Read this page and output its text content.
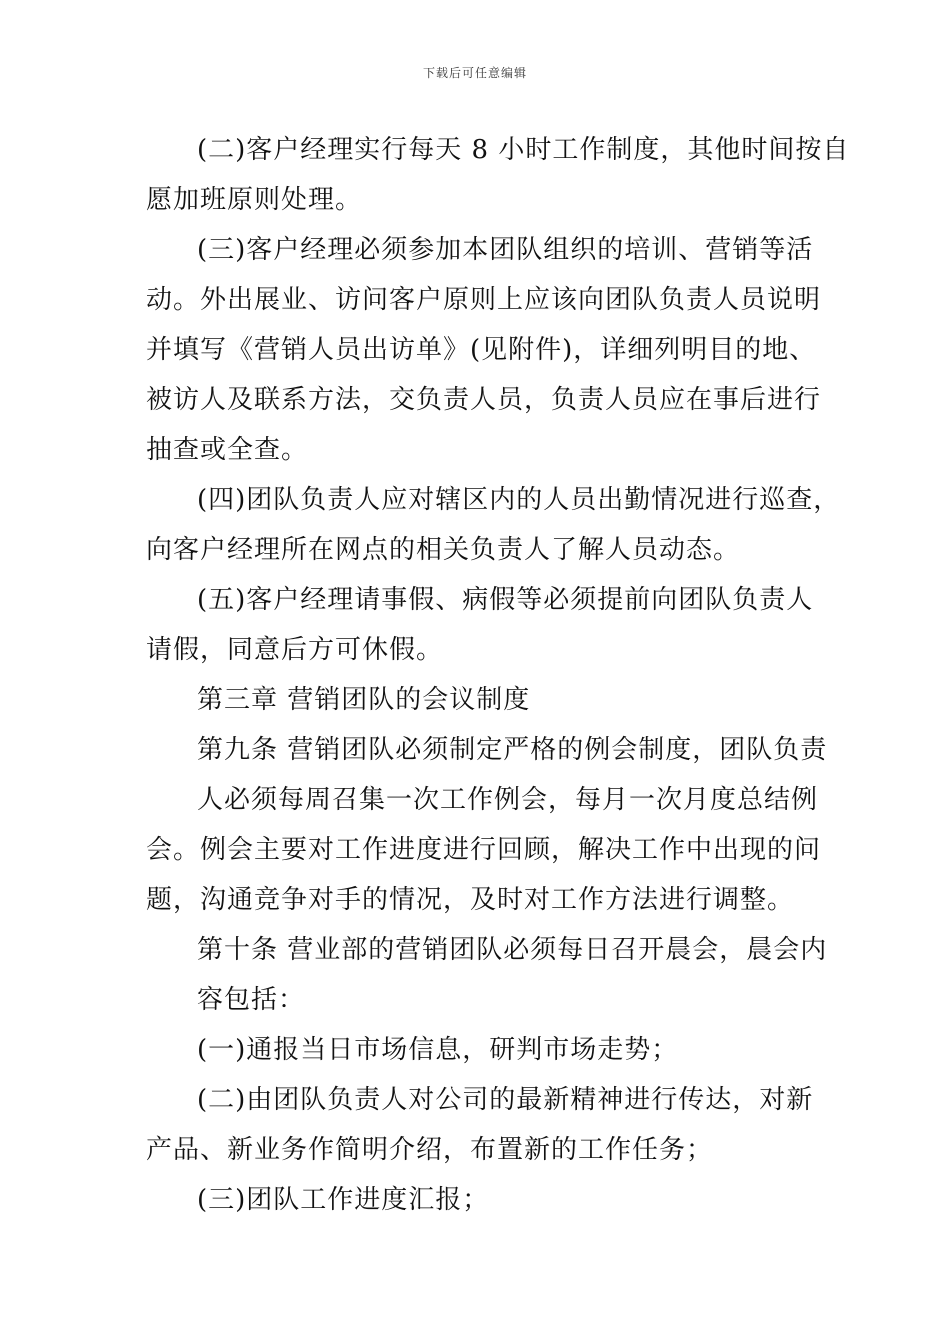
下载后可任意编辑
(二)客户经理实行每天 8 小时工作制度，其他时间按自
愿加班原则处理。
(三)客户经理必须参加本团队组织的培训、营销等活
动。外出展业、访问客户原则上应该向团队负责人员说明
并填写《营销人员出访单》(见附件)，详细列明目的地、
被访人及联系方法，交负责人员，负责人员应在事后进行
抽查或全查。
(四)团队负责人应对辖区内的人员出勤情况进行巡查，
向客户经理所在网点的相关负责人了解人员动态。
(五)客户经理请事假、病假等必须提前向团队负责人
请假，同意后方可休假。
第三章 营销团队的会议制度
第九条 营销团队必须制定严格的例会制度，团队负责
人必须每周召集一次工作例会，每月一次月度总结例
会。例会主要对工作进度进行回顾，解决工作中出现的问
题，沟通竞争对手的情况，及时对工作方法进行调整。
第十条 营业部的营销团队必须每日召开晨会，晨会内
容包括：
(一)通报当日市场信息，研判市场走势；
(二)由团队负责人对公司的最新精神进行传达，对新
产品、新业务作简明介绍，布置新的工作任务；
(三)团队工作进度汇报；
